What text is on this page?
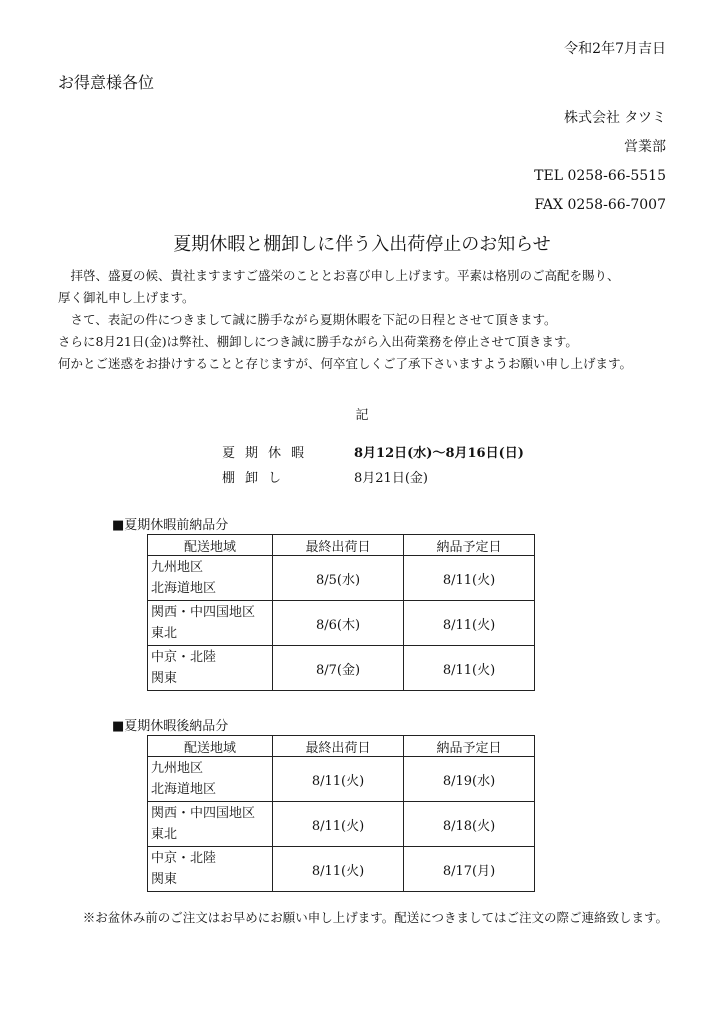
令和2年7月吉日
お得意様各位
株式会社 タツミ
営業部
TEL 0258-66-5515
FAX 0258-66-7007
夏期休暇と棚卸しに伴う入出荷停止のお知らせ

　拝啓、盛夏の候、貴社ますますご盛栄のこととお喜び申し上げます。平素は格別のご高配を賜り、

厚く御礼申し上げます。

　さて、表記の件につきまして誠に勝手ながら夏期休暇を下記の日程とさせて頂きます。

さらに8月21日(金)は弊社、棚卸しにつき誠に勝手ながら入出荷業務を停止させて頂きます。

何かとご迷惑をお掛けすることと存じますが、何卒宜しくご了承下さいますようお願い申し上げます。

記
夏期休暇	8月12日(水)～8月16日(日)
棚卸し	8月21日(金)
■夏期休暇前納品分
配送地域	最終出荷日	納品予定日

九州地区
北海道地区	8/5(水)	8/11(火)

関西・中四国地区
東北	8/6(木)	8/11(火)

中京・北陸
関東	8/7(金)	8/11(火)
■夏期休暇後納品分
配送地域	最終出荷日	納品予定日

九州地区
北海道地区	8/11(火)	8/19(水)

関西・中四国地区
東北	8/11(火)	8/18(火)

中京・北陸
関東	8/11(火)	8/17(月)
※お盆休み前のご注文はお早めにお願い申し上げます。配送につきましてはご注文の際ご連絡致します。
